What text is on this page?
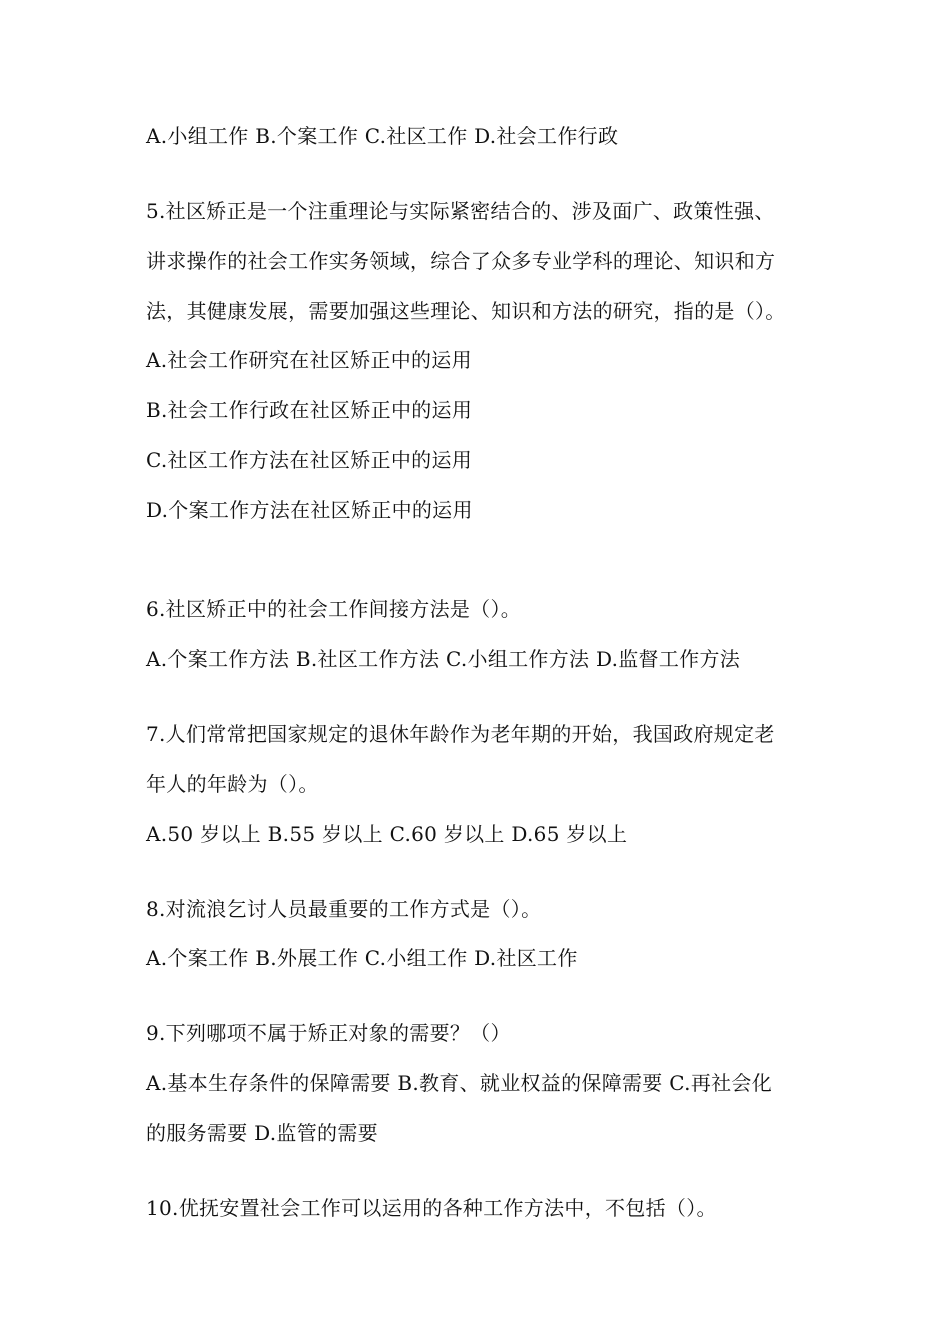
A.小组工作 B.个案工作 C.社区工作 D.社会工作行政
5.社区矫正是一个注重理论与实际紧密结合的、涉及面广、政策性强、
讲求操作的社会工作实务领域，综合了众多专业学科的理论、知识和方
法，其健康发展，需要加强这些理论、知识和方法的研究，指的是（）。
A.社会工作研究在社区矫正中的运用
B.社会工作行政在社区矫正中的运用
C.社区工作方法在社区矫正中的运用
D.个案工作方法在社区矫正中的运用
6.社区矫正中的社会工作间接方法是（）。
A.个案工作方法 B.社区工作方法 C.小组工作方法 D.监督工作方法
7.人们常常把国家规定的退休年龄作为老年期的开始，我国政府规定老
年人的年龄为（）。
A.50 岁以上 B.55 岁以上 C.60 岁以上 D.65 岁以上
8.对流浪乞讨人员最重要的工作方式是（）。
A.个案工作 B.外展工作 C.小组工作 D.社区工作
9.下列哪项不属于矫正对象的需要？（）
A.基本生存条件的保障需要 B.教育、就业权益的保障需要 C.再社会化
的服务需要 D.监管的需要
10.优抚安置社会工作可以运用的各种工作方法中，不包括（）。
